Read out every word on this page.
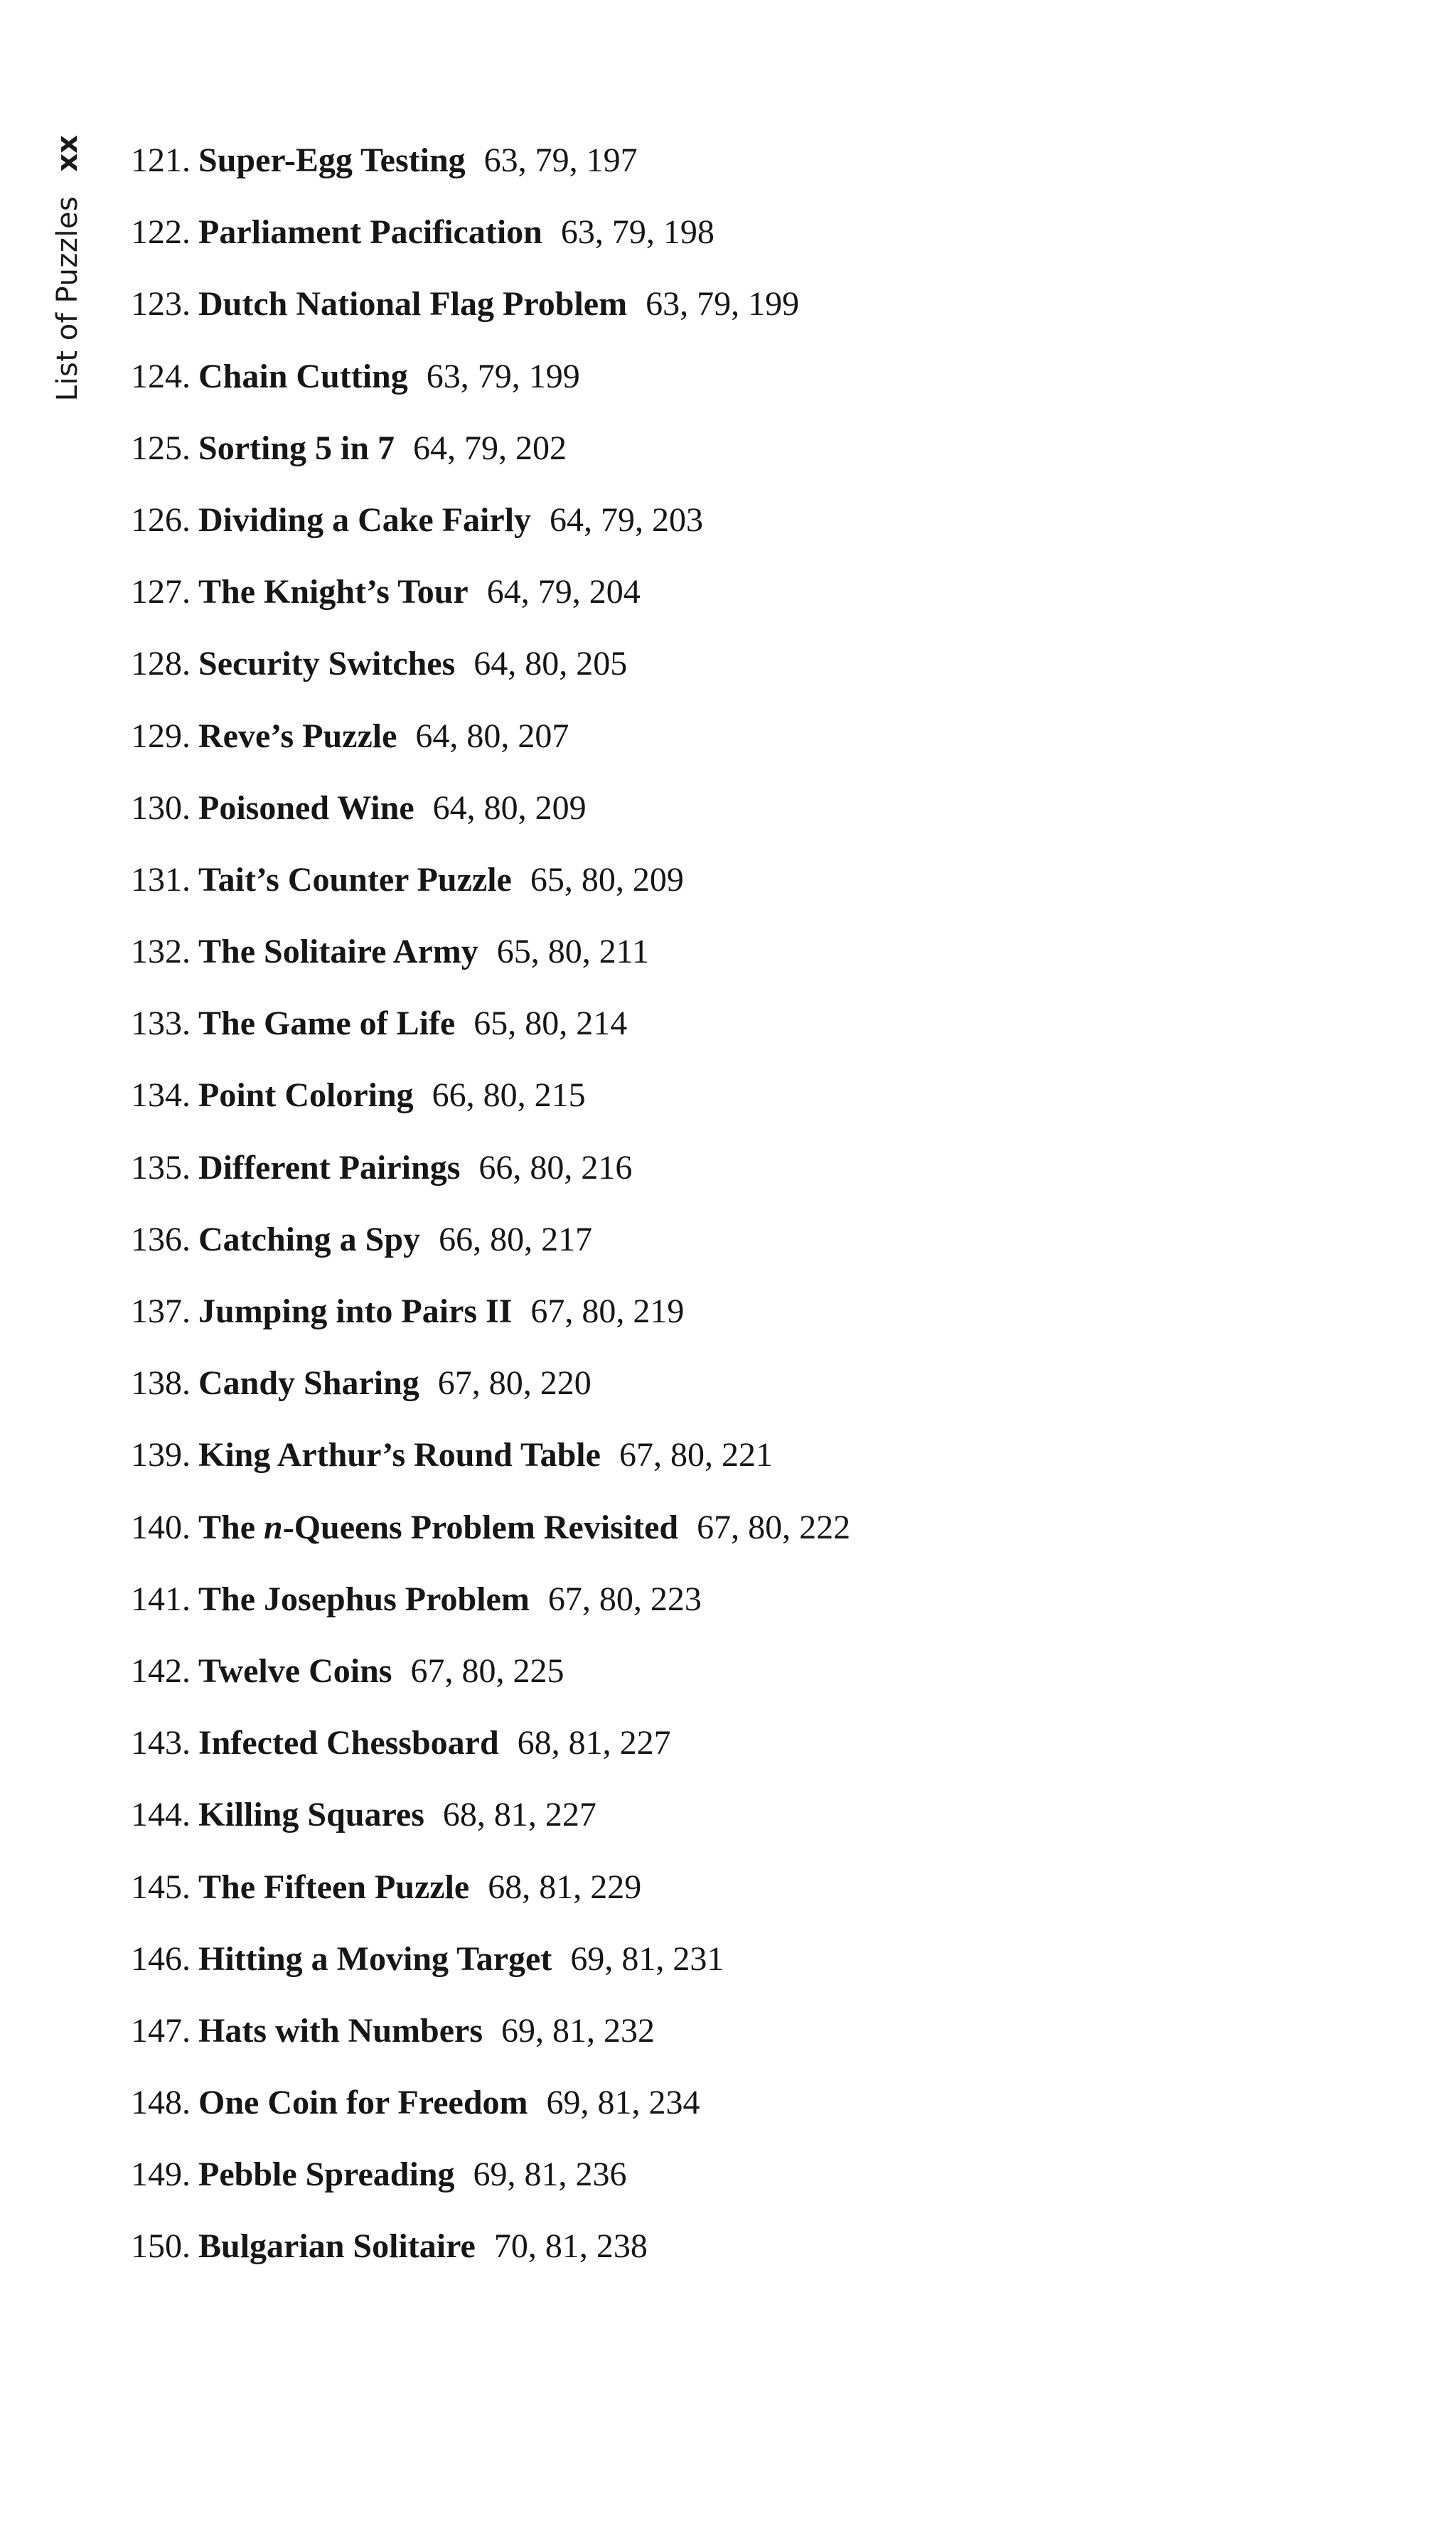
List of Puzzles
xx	121. Super-Egg Testing 63, 79, 197
122. Parliament Pacification 63, 79, 198
123. Dutch National Flag Problem 63, 79, 199
124. Chain Cutting 63, 79, 199
125. Sorting 5 in 7 64, 79, 202
126. Dividing a Cake Fairly 64, 79, 203
127. The Knight’s Tour 64, 79, 204
128. Security Switches 64, 80, 205
129. Reve’s Puzzle 64, 80, 207
130. Poisoned Wine 64, 80, 209
131. Tait’s Counter Puzzle 65, 80, 209
132. The Solitaire Army 65, 80, 211
133. The Game of Life 65, 80, 214
134. Point Coloring 66, 80, 215
135. Different Pairings 66, 80, 216
136. Catching a Spy 66, 80, 217
137. Jumping into Pairs II 67, 80, 219
138. Candy Sharing 67, 80, 220
139. King Arthur’s Round Table 67, 80, 221
140. The n-Queens Problem Revisited 67, 80, 222
141. The Josephus Problem 67, 80, 223
142. Twelve Coins 67, 80, 225
143. Infected Chessboard 68, 81, 227
144. Killing Squares 68, 81, 227
145. The Fifteen Puzzle 68, 81, 229
146. Hitting a Moving Target 69, 81, 231
147. Hats with Numbers 69, 81, 232
148. One Coin for Freedom 69, 81, 234
149. Pebble Spreading 69, 81, 236
150. Bulgarian Solitaire 70, 81, 238
